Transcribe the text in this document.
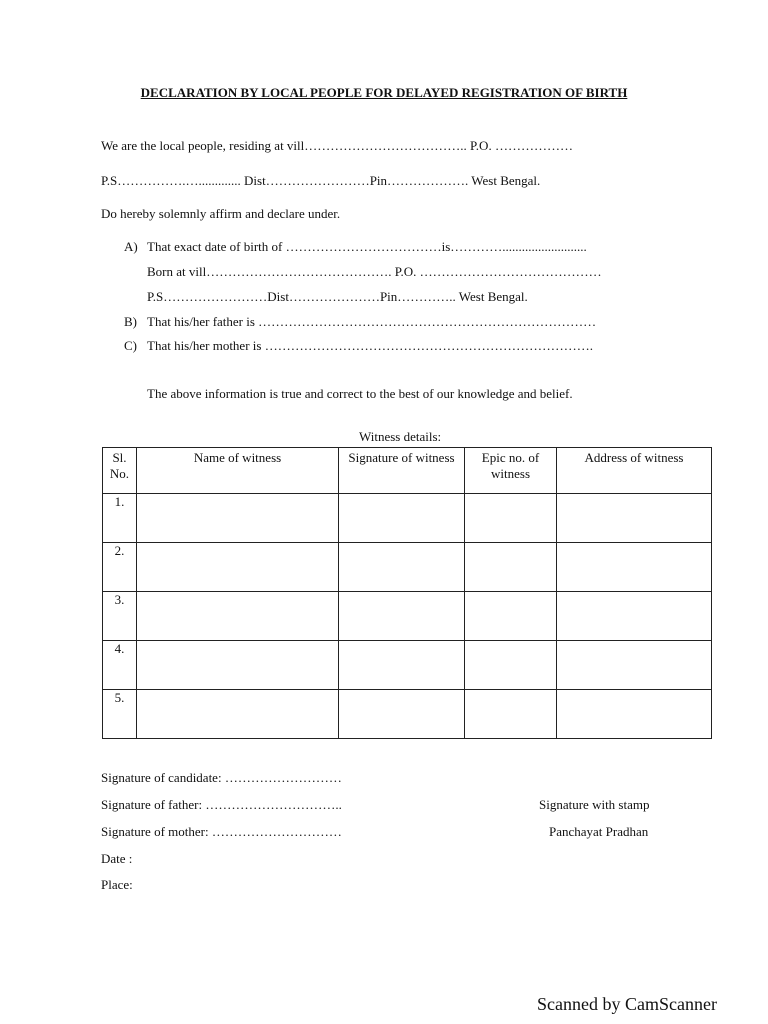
DECLARATION BY LOCAL PEOPLE FOR DELAYED REGISTRATION OF BIRTH
We are the local people, residing at vill……………………………….. P.O. ………………
P.S…………….…............. Dist……………………Pin………………. West Bengal.
Do hereby solemnly affirm and declare under.
A) That exact date of birth of ………………………………is…………..........................
Born at vill……………………………………. P.O. ……………………………………
P.S……………………Dist…………………Pin………….. West Bengal.
B) That his/her father is ……………………………………………………………………
C) That his/her mother is ………………………………………………………………….
The above information is true and correct to the best of our knowledge and belief.
Witness details:
Sl. No.	Name of witness	Signature of witness	Epic no. of witness	Address of witness
1.				
2.				
3.				
4.				
5.				
Signature of candidate: ………………………
Signature of father: …………………………..	Signature with stamp
Signature of mother: …………………………	Panchayat Pradhan
Date :
Place:
Scanned by CamScanner
